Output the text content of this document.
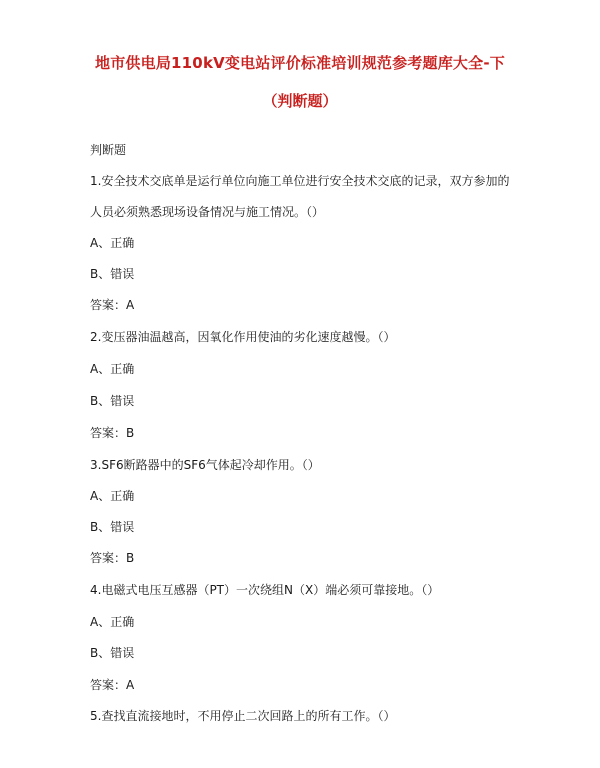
地市供电局110kV变电站评价标准培训规范参考题库大全-下
（判断题）
判断题
1.安全技术交底单是运行单位向施工单位进行安全技术交底的记录，双方参加的
人员必须熟悉现场设备情况与施工情况。（）
A、正确
B、错误
答案：A
2.变压器油温越高，因氧化作用使油的劣化速度越慢。（）
A、正确
B、错误
答案：B
3.SF6断路器中的SF6气体起冷却作用。（）
A、正确
B、错误
答案：B
4.电磁式电压互感器（PT）一次绕组N（X）端必须可靠接地。（）
A、正确
B、错误
答案：A
5.查找直流接地时，不用停止二次回路上的所有工作。（）
